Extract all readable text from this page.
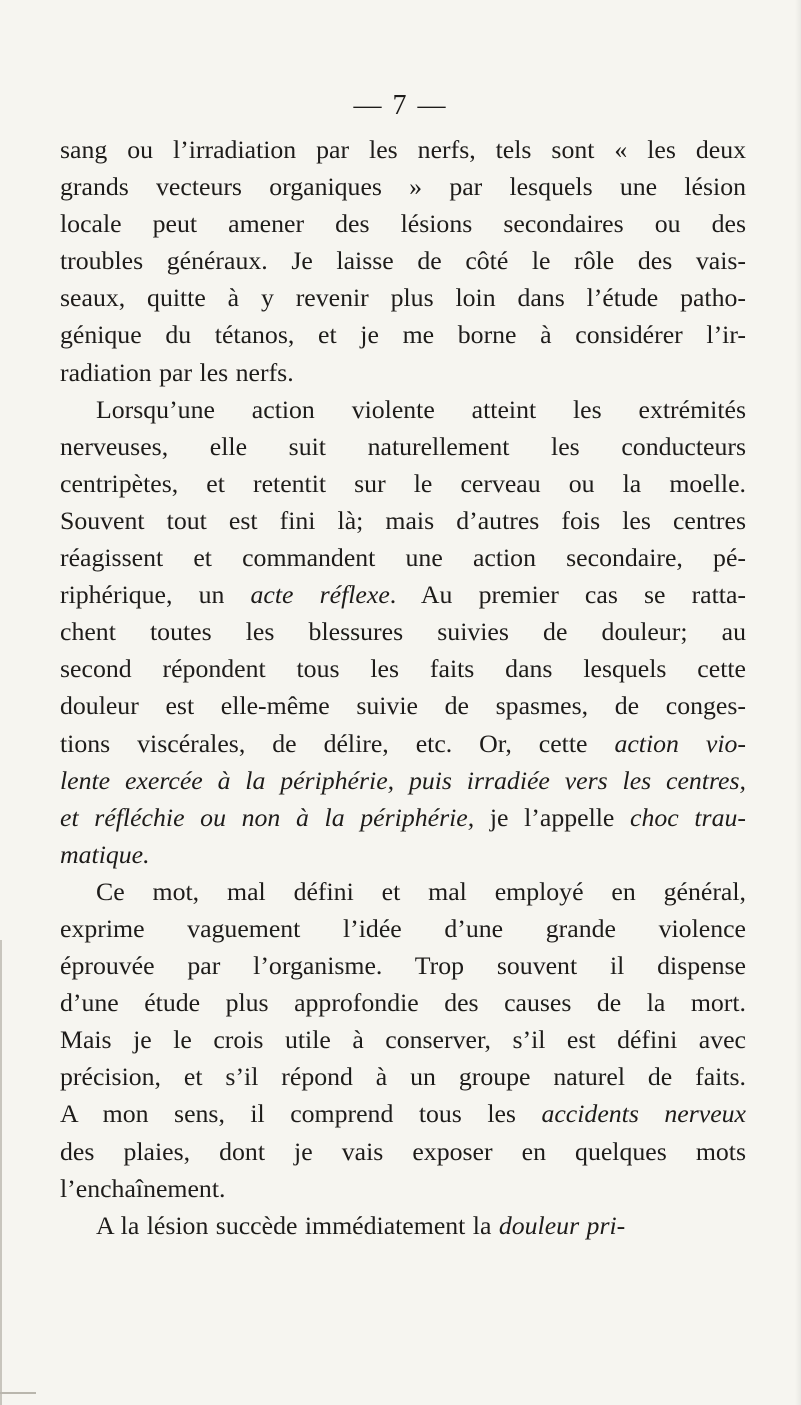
— 7 —
sang ou l’irradiation par les nerfs, tels sont « les deux
grands vecteurs organiques » par lesquels une lésion
locale peut amener des lésions secondaires ou des
troubles généraux. Je laisse de côté le rôle des vais-
seaux, quitte à y revenir plus loin dans l’étude patho-
génique du tétanos, et je me borne à considérer l’ir-
radiation par les nerfs.
Lorsqu’une action violente atteint les extrémités
nerveuses, elle suit naturellement les conducteurs
centripètes, et retentit sur le cerveau ou la moelle.
Souvent tout est fini là; mais d’autres fois les centres
réagissent et commandent une action secondaire, pé-
riphérique, un acte réflexe. Au premier cas se ratta-
chent toutes les blessures suivies de douleur; au
second répondent tous les faits dans lesquels cette
douleur est elle-même suivie de spasmes, de conges-
tions viscérales, de délire, etc. Or, cette action vio-
lente exercée à la périphérie, puis irradiée vers les centres,
et réfléchie ou non à la périphérie, je l’appelle choc trau-
matique.
Ce mot, mal défini et mal employé en général,
exprime vaguement l’idée d’une grande violence
éprouvée par l’organisme. Trop souvent il dispense
d’une étude plus approfondie des causes de la mort.
Mais je le crois utile à conserver, s’il est défini avec
précision, et s’il répond à un groupe naturel de faits.
A mon sens, il comprend tous les accidents nerveux
des plaies, dont je vais exposer en quelques mots
l’enchaînement.
A la lésion succède immédiatement la douleur pri-
